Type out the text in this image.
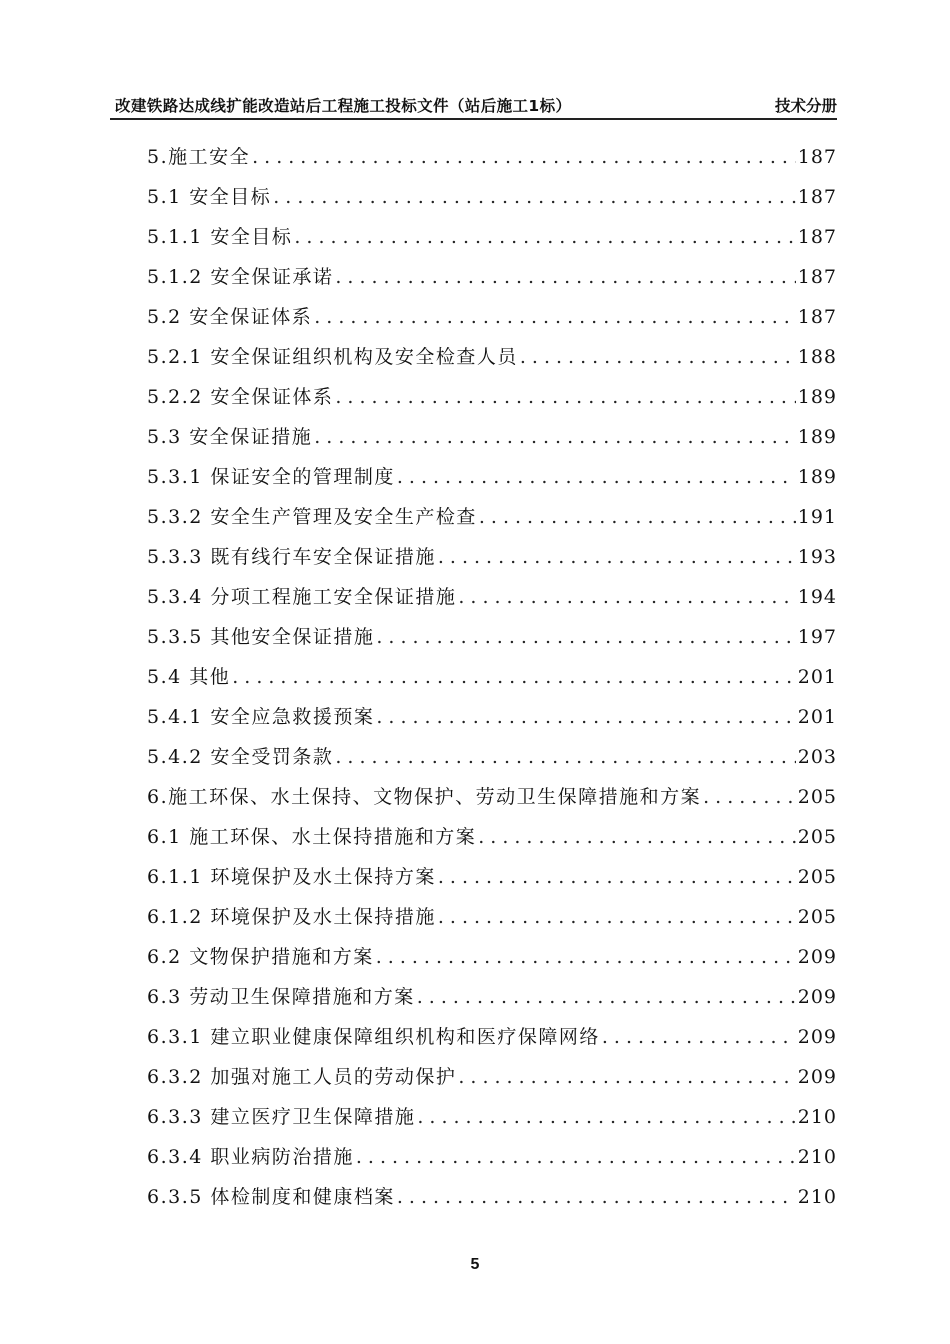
改建铁路达成线扩能改造站后工程施工投标文件（站后施工1标）	技术分册
5.施工安全 .....	187
5.1 安全目标 .....	187
5.1.1 安全目标 .....	187
5.1.2 安全保证承诺 .....	187
5.2 安全保证体系 .....	187
5.2.1 安全保证组织机构及安全检查人员 .....	188
5.2.2 安全保证体系 .....	189
5.3 安全保证措施 .....	189
5.3.1 保证安全的管理制度 .....	189
5.3.2 安全生产管理及安全生产检查 .....	191
5.3.3 既有线行车安全保证措施 .....	193
5.3.4 分项工程施工安全保证措施 .....	194
5.3.5 其他安全保证措施 .....	197
5.4 其他 .....	201
5.4.1 安全应急救援预案 .....	201
5.4.2 安全受罚条款 .....	203
6.施工环保、水土保持、文物保护、劳动卫生保障措施和方案 .....	205
6.1 施工环保、水土保持措施和方案 .....	205
6.1.1 环境保护及水土保持方案 .....	205
6.1.2 环境保护及水土保持措施 .....	205
6.2 文物保护措施和方案 .....	209
6.3 劳动卫生保障措施和方案 .....	209
6.3.1 建立职业健康保障组织机构和医疗保障网络 .....	209
6.3.2 加强对施工人员的劳动保护 .....	209
6.3.3 建立医疗卫生保障措施 .....	210
6.3.4 职业病防治措施 .....	210
6.3.5 体检制度和健康档案 .....	210
5
